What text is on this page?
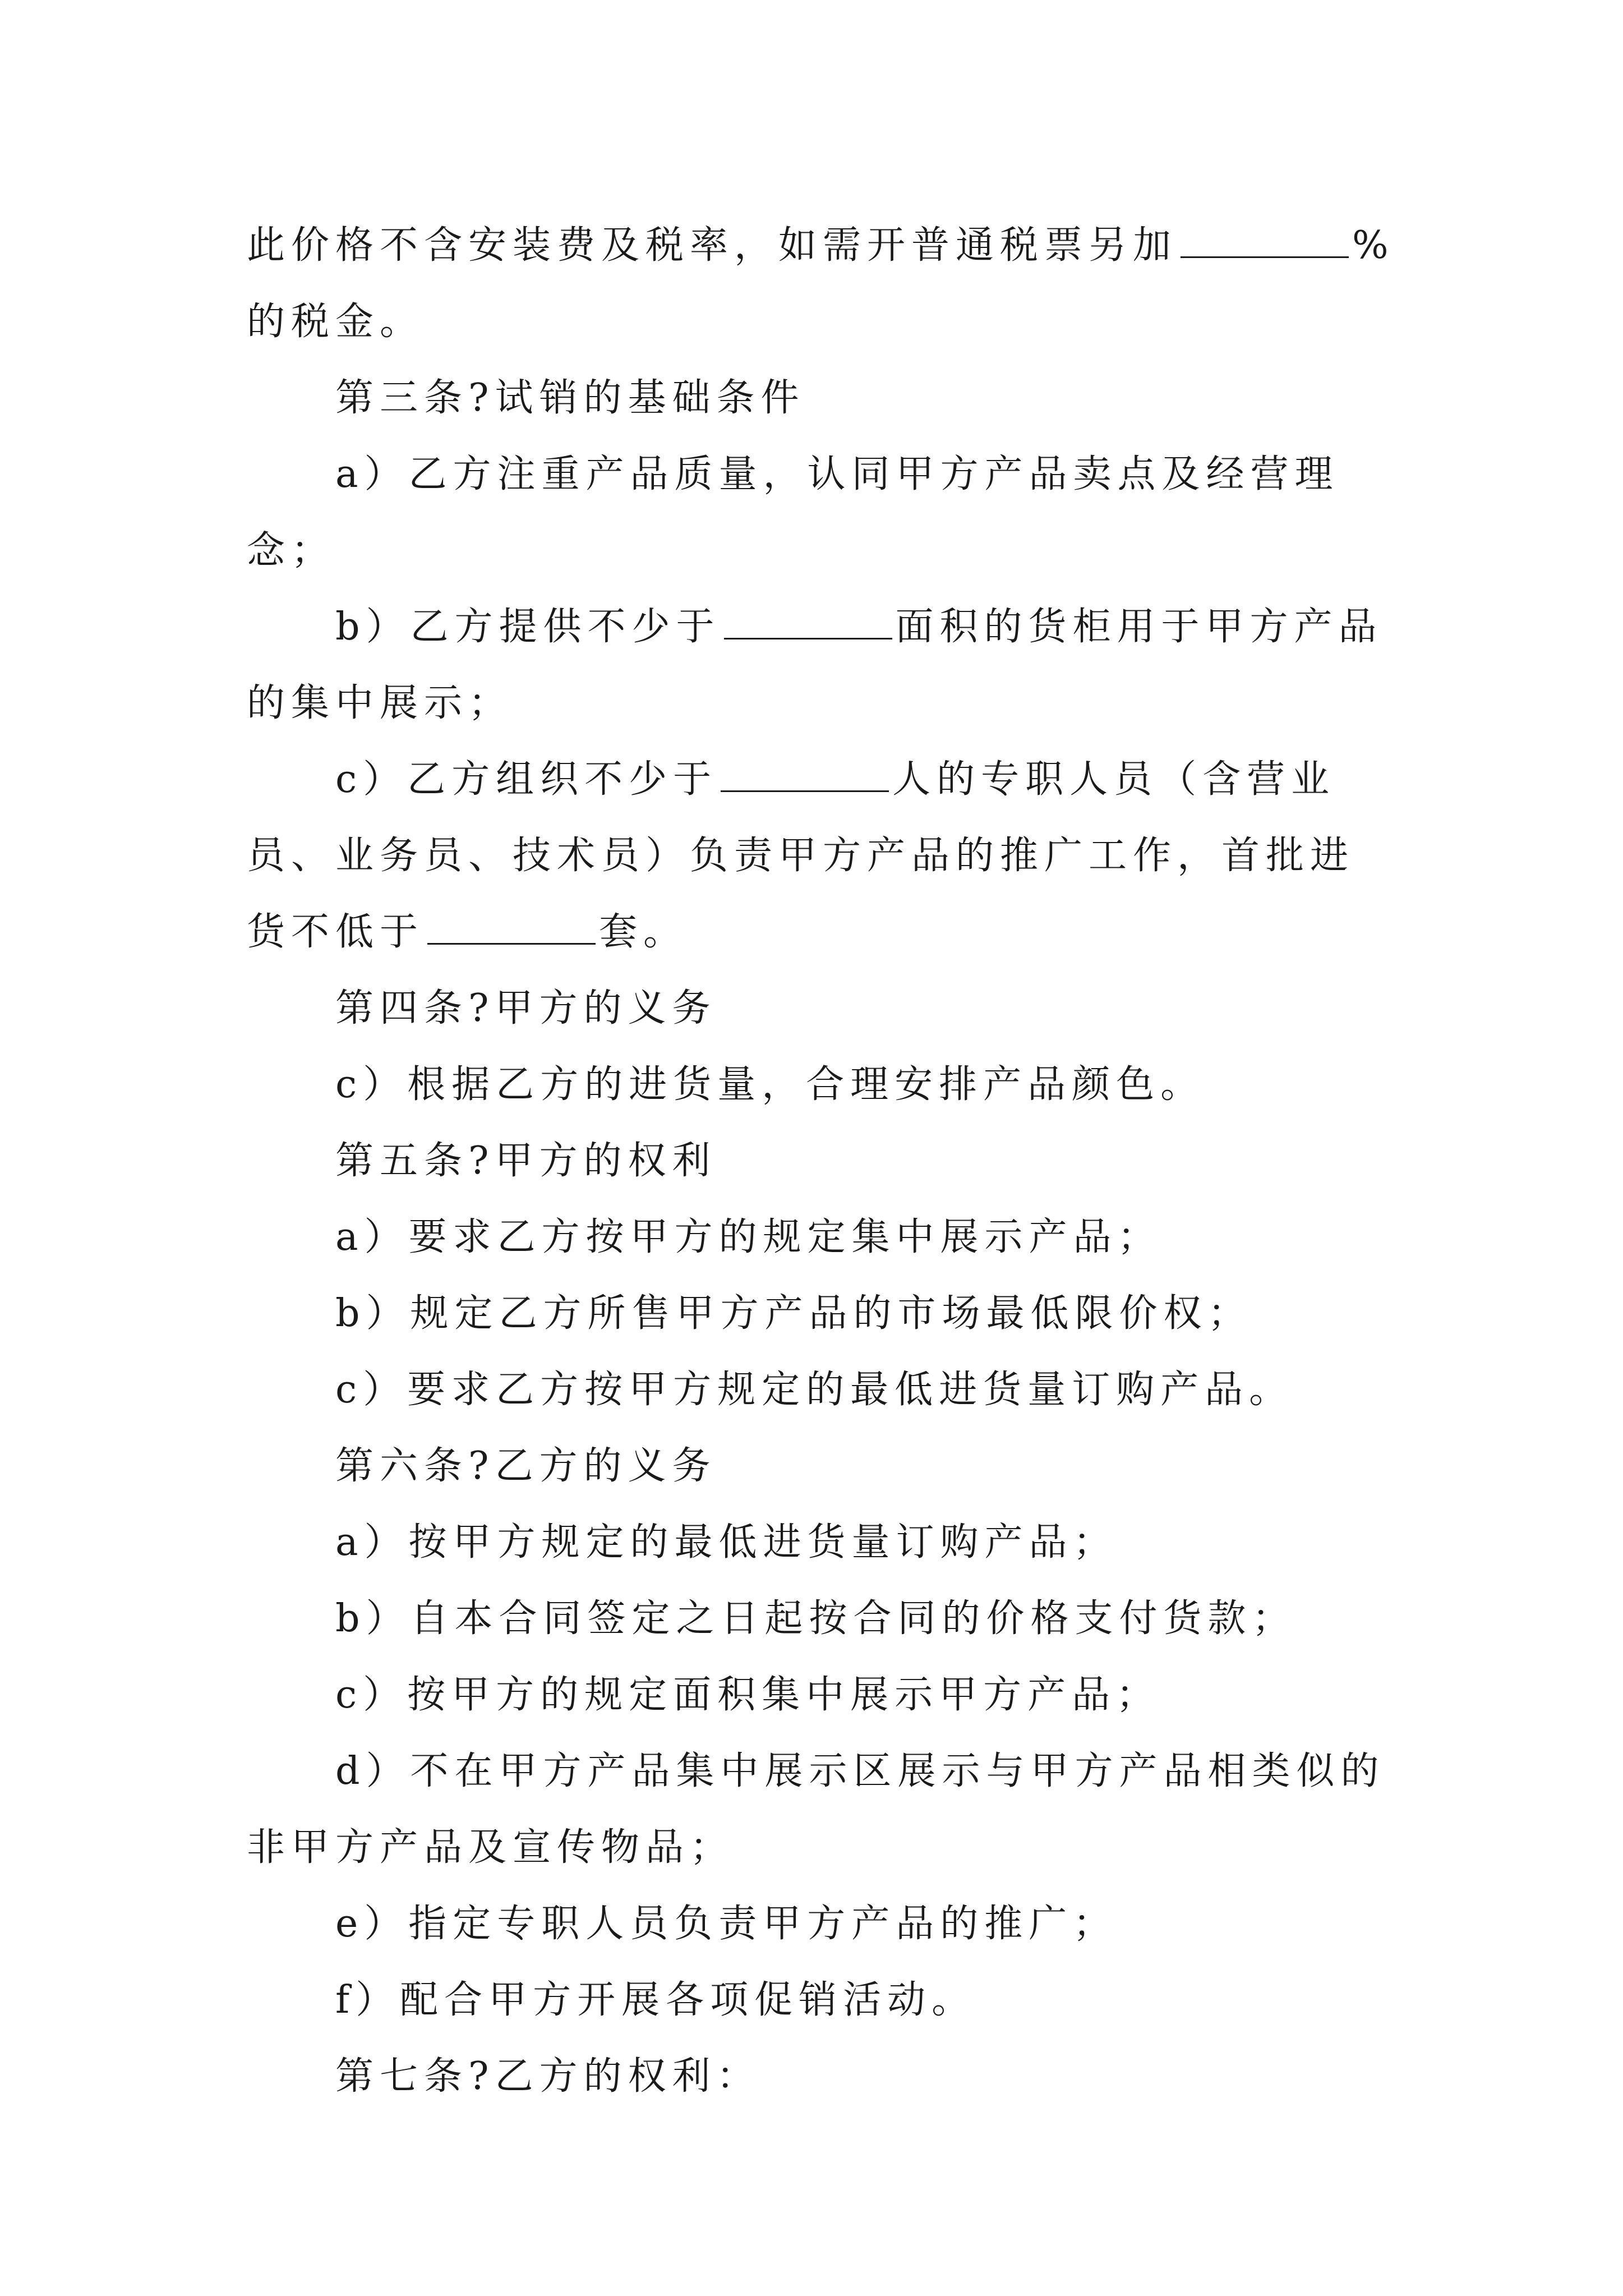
此价格不含安装费及税率，如需开普通税票另加	%的税金。

第三条?试销的基础条件

a）乙方注重产品质量，认同甲方产品卖点及经营理念；

b）乙方提供不少于	面积的货柜用于甲方产品的集中展示；

c）乙方组织不少于	人的专职人员（含营业员、业务员、技术员）负责甲方产品的推广工作，首批进货不低于	套。

第四条?甲方的义务

c）根据乙方的进货量，合理安排产品颜色。

第五条?甲方的权利

a）要求乙方按甲方的规定集中展示产品；

b）规定乙方所售甲方产品的市场最低限价权；

c）要求乙方按甲方规定的最低进货量订购产品。

第六条?乙方的义务

a）按甲方规定的最低进货量订购产品；

b）自本合同签定之日起按合同的价格支付货款；

c）按甲方的规定面积集中展示甲方产品；

d）不在甲方产品集中展示区展示与甲方产品相类似的非甲方产品及宣传物品；

e）指定专职人员负责甲方产品的推广；

f）配合甲方开展各项促销活动。

第七条?乙方的权利：
